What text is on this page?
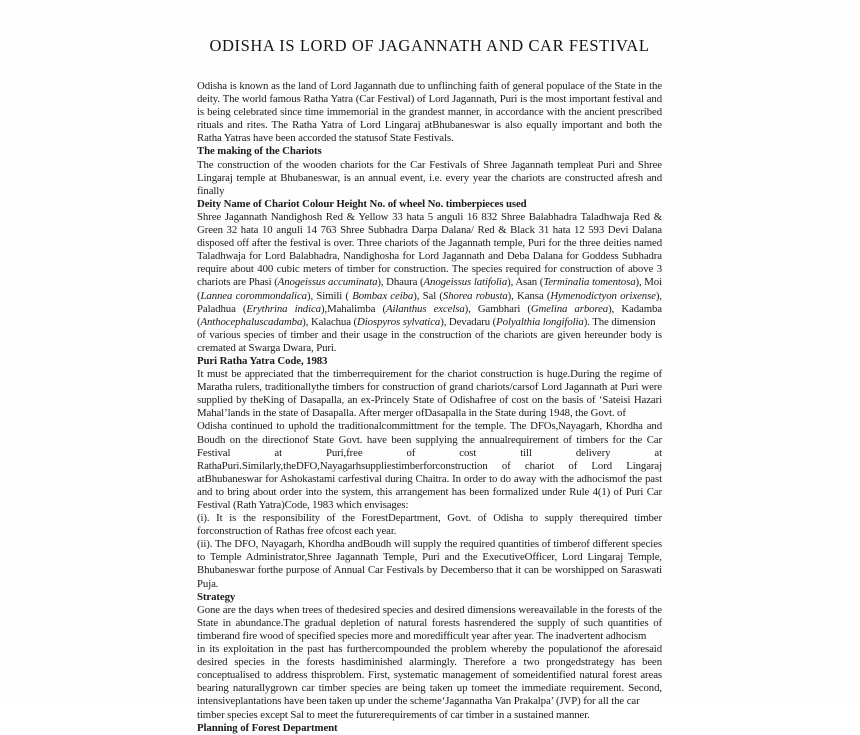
ODISHA IS LORD OF JAGANNATH AND CAR FESTIVAL

Odisha is known as the land of Lord Jagannath due to unflinching faith of general populace of the State in the deity. The world famous Ratha Yatra (Car Festival) of Lord Jagannath, Puri is the most important festival and is being celebrated since time immemorial in the grandest manner, in accordance with the ancient prescribed rituals and rites. The Ratha Yatra of Lord Lingaraj atBhubaneswar is also equally important and both the Ratha Yatras have been accorded the statusof State Festivals.

The making of the Chariots

The construction of the wooden chariots for the Car Festivals of Shree Jagannath templeat Puri and Shree Lingaraj temple at Bhubaneswar, is an annual event, i.e. every year the chariots are constructed afresh and finally

Deity Name of Chariot Colour Height No. of wheel No. timberpieces used

Shree Jagannath Nandighosh Red & Yellow 33 hata 5 anguli 16 832 Shree Balabhadra Taladhwaja Red & Green 32 hata 10 anguli 14 763 Shree Subhadra Darpa Dalana/ Red & Black 31 hata 12 593 Devi Dalana disposed off after the festival is over. Three chariots of the Jagannath temple, Puri for the three deities named Taladhwaja for Lord Balabhadra, Nandighosha for Lord Jagannath and Deba Dalana for Goddess Subhadra require about 400 cubic meters of timber for construction. The species required for construction of above 3 chariots are Phasi (Anogeissus accuminata), Dhaura (Anogeissus latifolia), Asan (Terminalia tomentosa), Moi (Lannea corommondalica), Simili ( Bombax ceiba), Sal (Shorea robusta), Kansa (Hymenodictyon orixense), Paladhua (Erythrina indica),Mahalimba (Ailanthus excelsa), Gambhari (Gmelina arborea), Kadamba (Anthocephaluscadamba), Kalachua (Diospyros sylvatica), Devadaru (Polyalthia longifolia). The dimension

of various species of timber and their usage in the construction of the chariots are given hereunder body is cremated at Swarga Dwara, Puri.

Puri Ratha Yatra Code, 1983

It must be appreciated that the timberrequirement for the chariot construction is huge.During the regime of Maratha rulers, traditionallythe timbers for construction of grand chariots/carsof Lord Jagannath at Puri were supplied by theKing of Dasapalla, an ex-Princely State of Odishafree of cost on the basis of ‘Sateisi Hazari Mahal’lands in the state of Dasapalla. After merger ofDasapalla in the State during 1948, the Govt. of

Odisha continued to uphold the traditionalcommittment for the temple. The DFOs,Nayagarh, Khordha and Boudh on the directionof State Govt. have been supplying the annualrequirement of timbers for the Car Festival at Puri,free of cost till delivery at RathaPuri.Similarly,theDFO,Nayagarhsuppliestimberforconstruction of chariot of Lord Lingaraj atBhubaneswar for Ashokastami carfestival during Chaitra. In order to do away with the adhocismof the past and to bring about order into the system, this arrangement has been formalized under Rule 4(1) of Puri Car Festival (Rath Yatra)Code, 1983 which envisages:

(i). It is the responsibility of the ForestDepartment, Govt. of Odisha to supply therequired timber forconstruction of Rathas free ofcost each year.

(ii). The DFO, Nayagarh, Khordha andBoudh will supply the required quantities of timberof different species to Temple Administrator,Shree Jagannath Temple, Puri and the ExecutiveOfficer, Lord Lingaraj Temple, Bhubaneswar forthe purpose of Annual Car Festivals by Decemberso that it can be worshipped on Saraswati Puja.

Strategy

Gone are the days when trees of thedesired species and desired dimensions wereavailable in the forests of the State in abundance.The gradual depletion of natural forests hasrendered the supply of such quantities of timberand fire wood of specified species more and moredifficult year after year. The inadvertent adhocism

in its exploitation in the past has furthercompounded the problem whereby the populationof the aforesaid desired species in the forests hasdiminished alarmingly. Therefore a two prongedstrategy has been conceptualised to address thisproblem. First, systematic management of someidentified natural forest areas bearing naturallygrown car timber species are being taken up tomeet the immediate requirement. Second, intensiveplantations have been taken up under the scheme‘Jagannatha Van Prakalpa’ (JVP) for all the car

timber species except Sal to meet the futurerequirements of car timber in a sustained manner.

Planning of Forest Department
